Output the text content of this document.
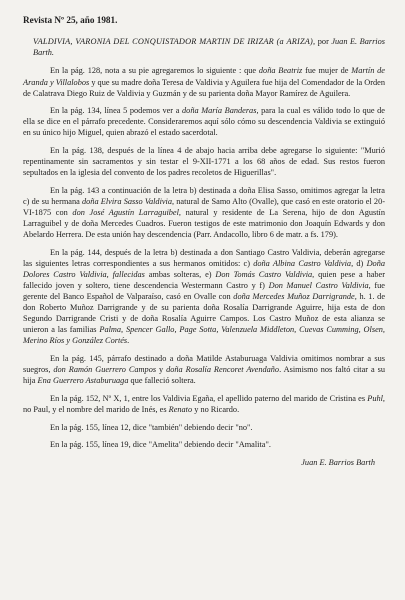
Revista Nº 25, año 1981.
VALDIVIA, VARONIA DEL CONQUISTADOR MARTIN DE IRIZAR (a ARIZA), por Juan E. Barrios Barth.

En la pág. 128, nota a su pie agregaremos lo siguiente : que doña Beatriz fue mujer de Martín de Aranda y Villalobos y que su madre doña Teresa de Valdivia y Aguilera fue hija del Comendador de la Orden de Calatrava Diego Ruiz de Valdivia y Guzmán y de su parienta doña Mayor Ramírez de Aguilera.

En la pág. 134, línea 5 podemos ver a doña María Banderas, para la cual es válido todo lo que de ella se dice en el párrafo precedente. Consideraremos aquí sólo cómo su descendencia Valdivia se extinguió en su único hijo Miguel, quien abrazó el estado sacerdotal.

En la pág. 138, después de la línea 4 de abajo hacia arriba debe agregarse lo siguiente: "Murió repentinamente sin sacramentos y sin testar el 9-XII-1771 a los 68 años de edad. Sus restos fueron sepultados en la iglesia del convento de los padres recoletos de Higuerillas".

En la pág. 143 a continuación de la letra b) destinada a doña Elisa Sasso, omitimos agregar la letra c) de su hermana doña Elvira Sasso Valdivia, natural de Samo Alto (Ovalle), que casó en este oratorio el 20-VI-1875 con don José Agustín Larraguibel, natural y residente de La Serena, hijo de don Agustín Larraguibel y de doña Mercedes Cuadros. Fueron testigos de este matrimonio don Joaquín Edwards y don Abelardo Herrera. De esta unión hay descendencia (Parr. Andacollo, libro 6 de matr. a fs. 179).

En la pág. 144, después de la letra b) destinada a don Santiago Castro Valdivia, deberán agregarse las siguientes letras correspondientes a sus hermanos omitidos: c) doña Albina Castro Valdivia, d) Doña Dolores Castro Valdivia, fallecidas ambas solteras, e) Don Tomás Castro Valdivia, quien pese a haber fallecido joven y soltero, tiene descendencia Westermann Castro y f) Don Manuel Castro Valdivia, fue gerente del Banco Español de Valparaíso, casó en Ovalle con doña Mercedes Muñoz Darrigrande, h. 1. de don Roberto Muñoz Darrigrande y de su parienta doña Rosalía Darrigrande Aguirre, hija esta de don Segundo Darrigrande Cristi y de doña Rosalía Aguirre Campos. Los Castro Muñoz de esta alianza se unieron a las familias Palma, Spencer Gallo, Page Sotta, Valenzuela Middleton, Cuevas Cumming, Olsen, Merino Ríos y González Cortés.

En la pág. 145, párrafo destinado a doña Matilde Astaburuaga Valdivia omitimos nombrar a sus suegros, don Ramón Guerrero Campos y doña Rosalía Rencoret Avendaño. Asimismo nos faltó citar a su hija Ena Guerrero Astaburuaga que falleció soltera.

En la pág. 152, Nº X, 1, entre los Valdivia Egaña, el apellido paterno del marido de Cristina es Puhl, no Paul, y el nombre del marido de Inés, es Renato y no Ricardo.

En la pág. 155, línea 12, dice "también" debiendo decir "no".

En la pág. 155, línea 19, dice "Amelita" debiendo decir "Amalita".

Juan E. Barrios Barth
